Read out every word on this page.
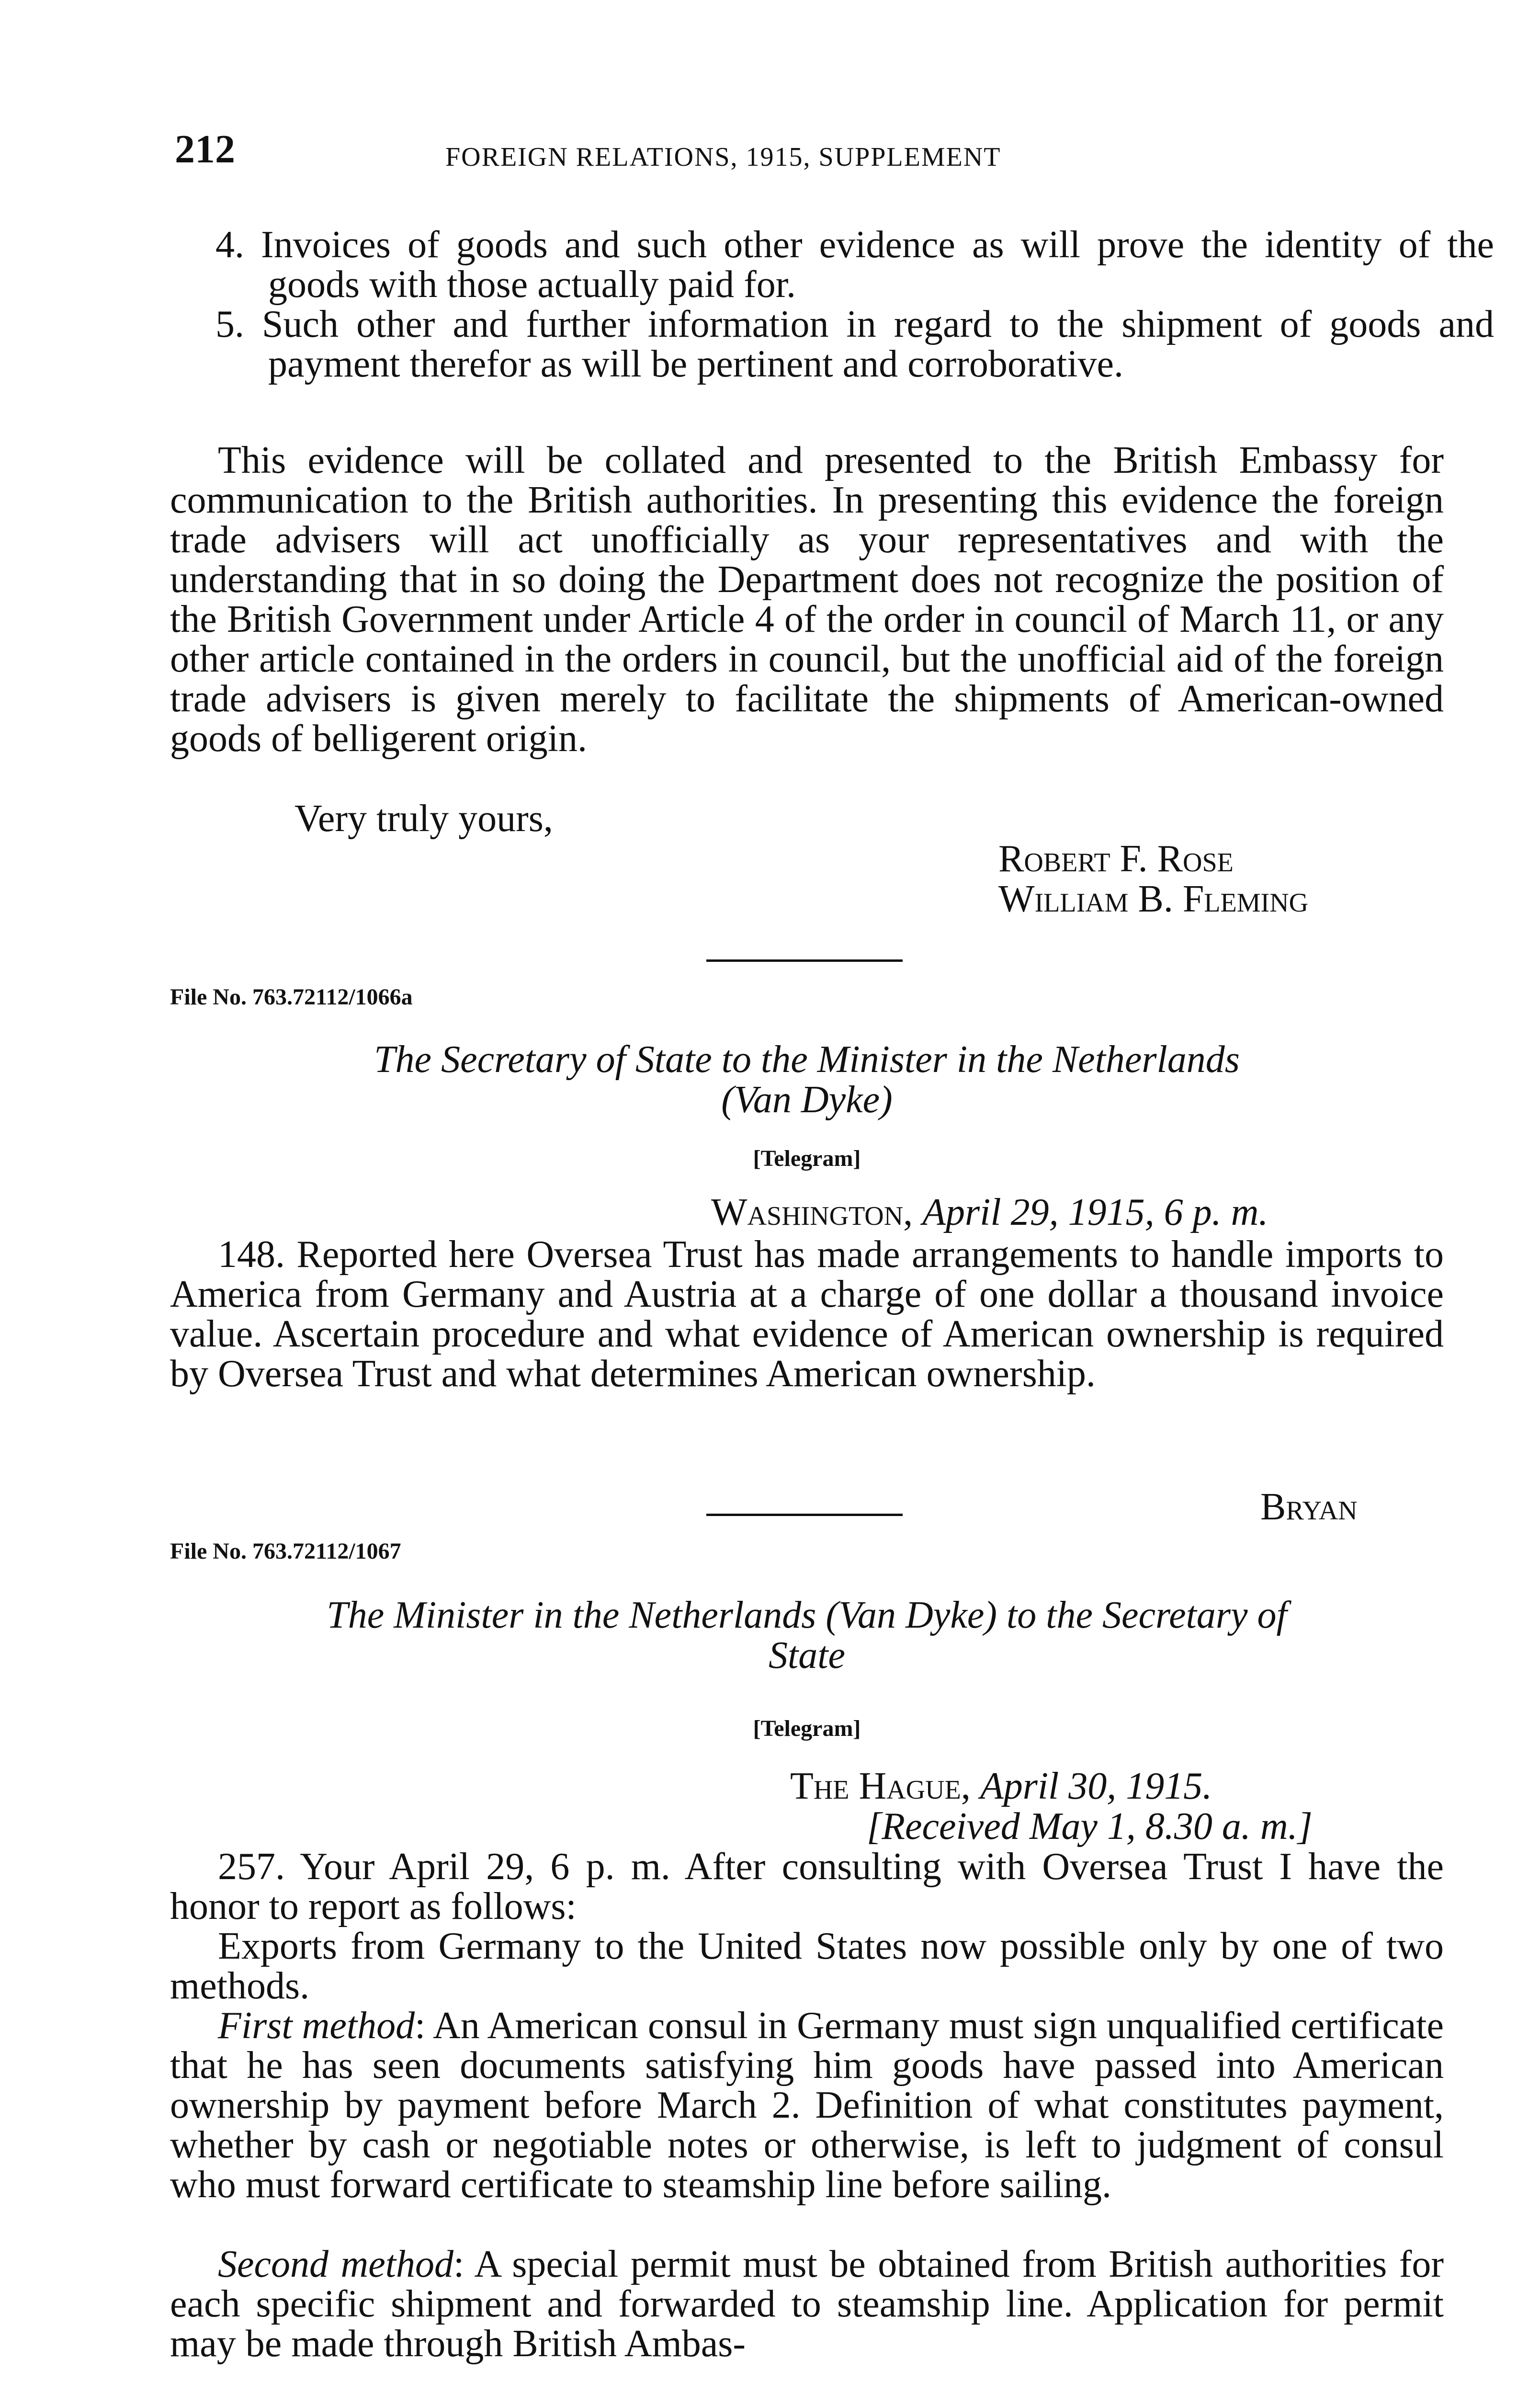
212	FOREIGN RELATIONS, 1915, SUPPLEMENT
4. Invoices of goods and such other evidence as will prove the identity of the goods with those actually paid for.
5. Such other and further information in regard to the shipment of goods and payment therefor as will be pertinent and corroborative.
This evidence will be collated and presented to the British Embassy for communication to the British authorities. In presenting this evidence the foreign trade advisers will act unofficially as your representatives and with the understanding that in so doing the Department does not recognize the position of the British Government under Article 4 of the order in council of March 11, or any other article contained in the orders in council, but the unofficial aid of the foreign trade advisers is given merely to facilitate the shipments of American-owned goods of belligerent origin.
Very truly yours,
Robert F. Rose
William B. Fleming
File No. 763.72112/1066a
The Secretary of State to the Minister in the Netherlands
(Van Dyke)
[Telegram]
Washington, April 29, 1915, 6 p. m.
148. Reported here Oversea Trust has made arrangements to handle imports to America from Germany and Austria at a charge of one dollar a thousand invoice value. Ascertain procedure and what evidence of American ownership is required by Oversea Trust and what determines American ownership.
Bryan
File No. 763.72112/1067
The Minister in the Netherlands (Van Dyke) to the Secretary of
State
[Telegram]
The Hague, April 30, 1915.
[Received May 1, 8.30 a. m.]
257. Your April 29, 6 p. m. After consulting with Oversea Trust I have the honor to report as follows:
Exports from Germany to the United States now possible only by one of two methods.
First method: An American consul in Germany must sign unqualified certificate that he has seen documents satisfying him goods have passed into American ownership by payment before March 2. Definition of what constitutes payment, whether by cash or negotiable notes or otherwise, is left to judgment of consul who must forward certificate to steamship line before sailing.
Second method: A special permit must be obtained from British authorities for each specific shipment and forwarded to steamship line. Application for permit may be made through British Ambas-
